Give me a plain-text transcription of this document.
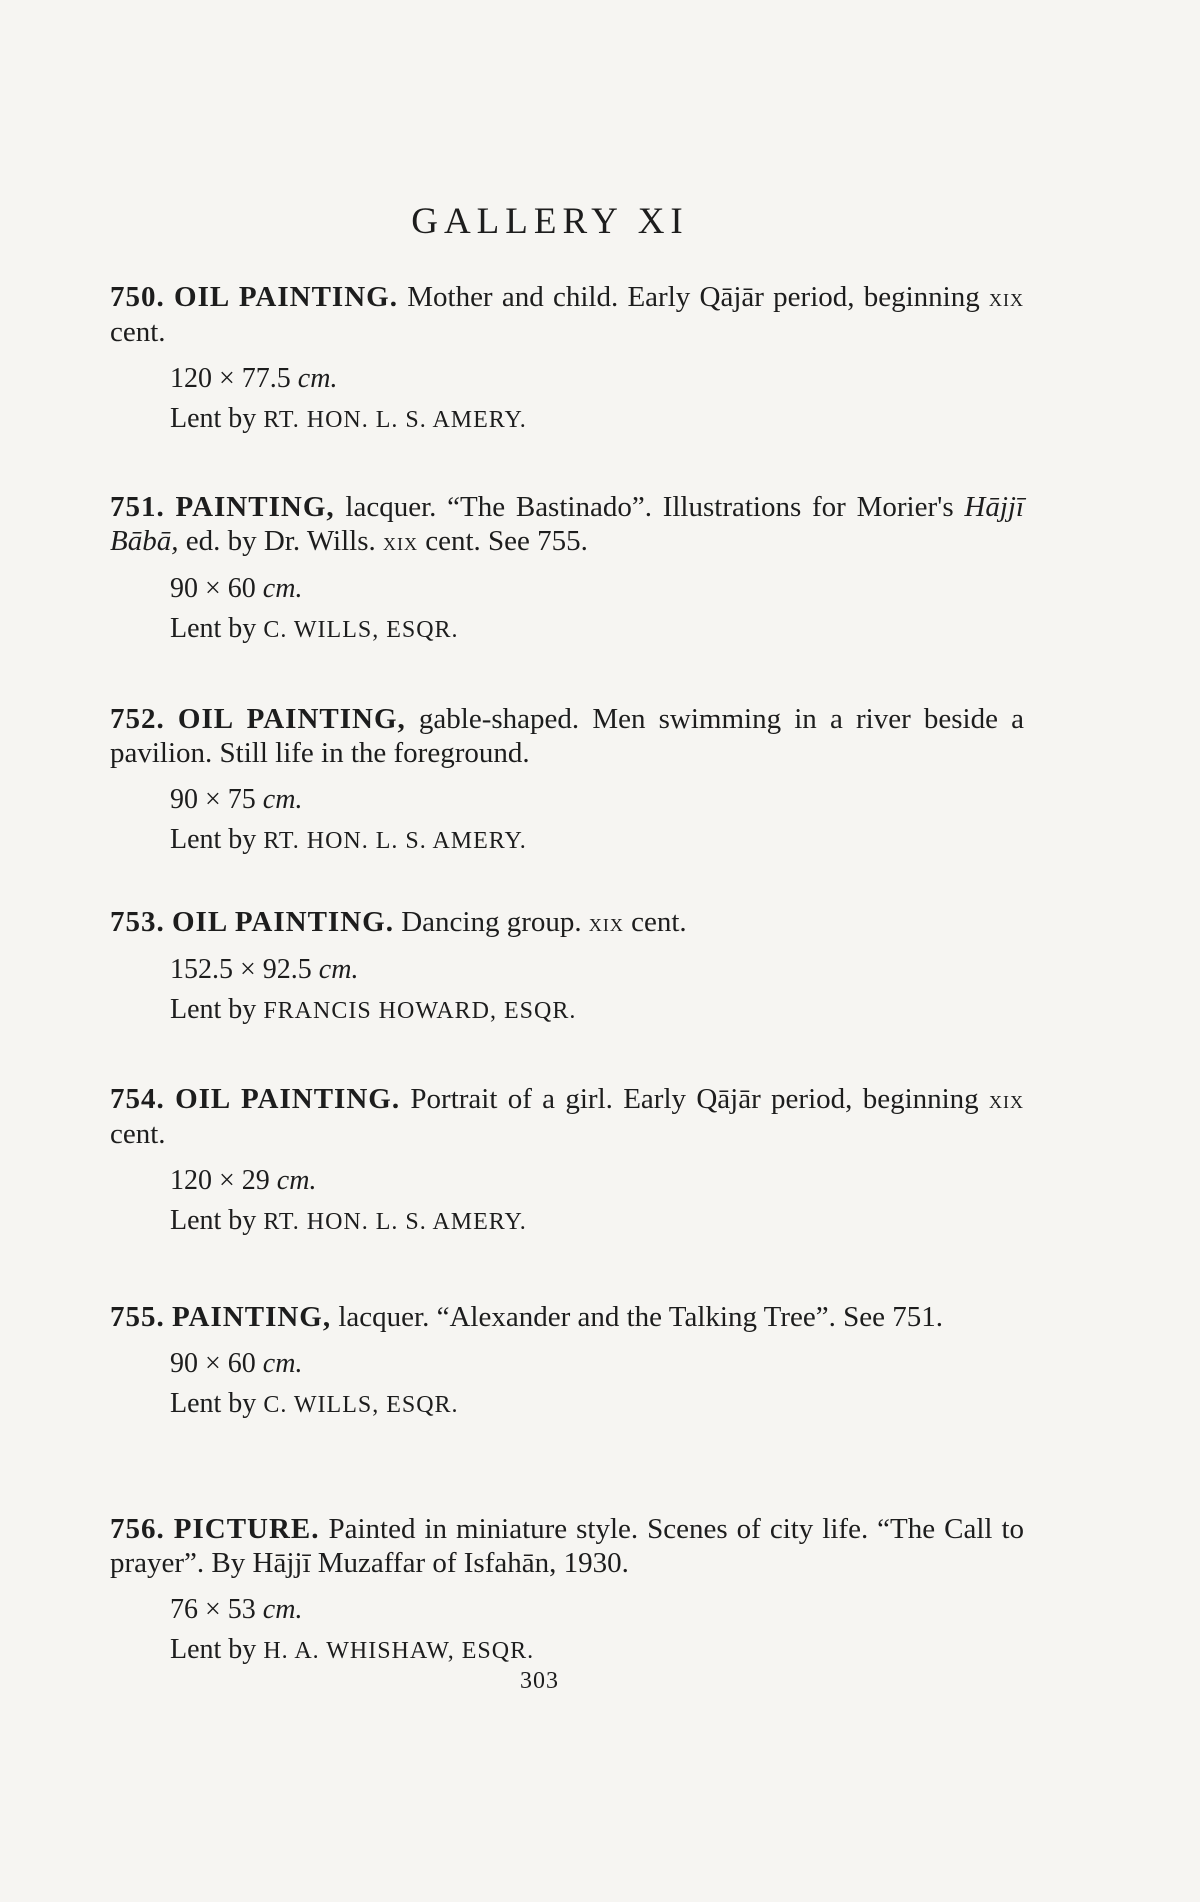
GALLERY XI

750. OIL PAINTING. Mother and child. Early Qājār period, beginning xix cent.

120 × 77.5 cm.
Lent by RT. HON. L. S. AMERY.

751. PAINTING, lacquer. “The Bastinado”. Illustrations for Morier's Hājjī Bābā, ed. by Dr. Wills. xix cent. See 755.

90 × 60 cm.
Lent by C. WILLS, ESQR.

752. OIL PAINTING, gable-shaped. Men swimming in a river beside a pavilion. Still life in the foreground.

90 × 75 cm.
Lent by RT. HON. L. S. AMERY.

753. OIL PAINTING. Dancing group. xix cent.

152.5 × 92.5 cm.
Lent by FRANCIS HOWARD, ESQR.

754. OIL PAINTING. Portrait of a girl. Early Qājār period, beginning xix cent.

120 × 29 cm.
Lent by RT. HON. L. S. AMERY.

755. PAINTING, lacquer. “Alexander and the Talking Tree”. See 751.

90 × 60 cm.
Lent by C. WILLS, ESQR.

756. PICTURE. Painted in miniature style. Scenes of city life. “The Call to prayer”. By Hājjī Muzaffar of Isfahān, 1930.

76 × 53 cm.
Lent by H. A. WHISHAW, ESQR.
303
